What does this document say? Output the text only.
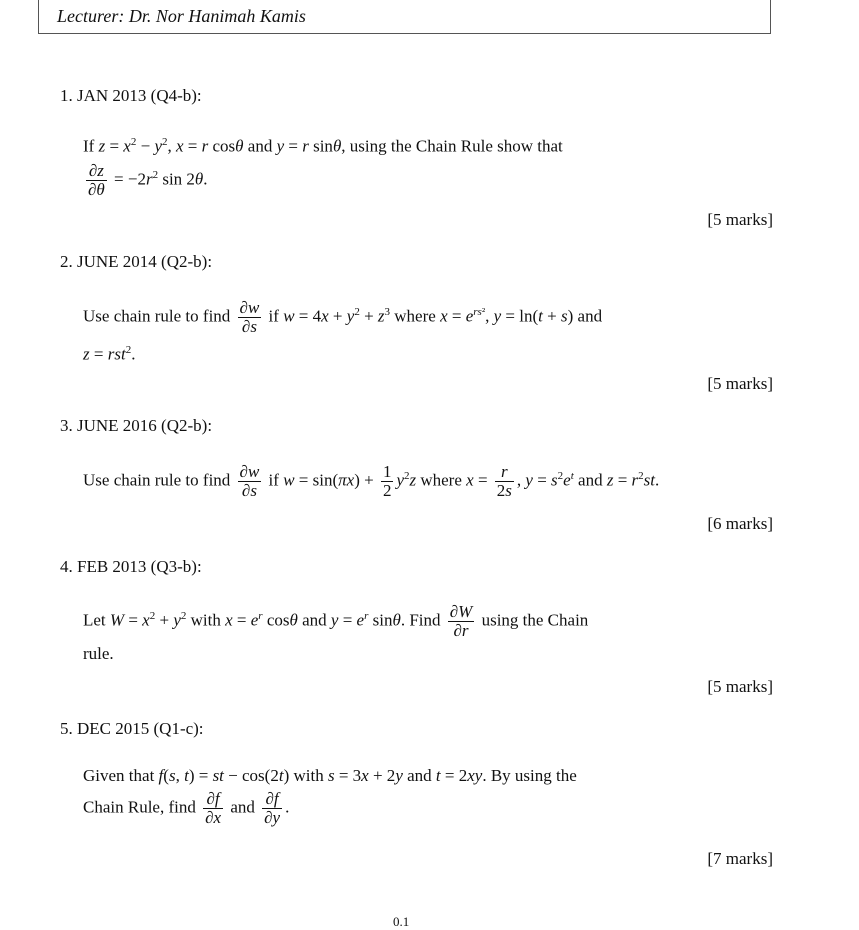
Lecturer: Dr. Nor Hanimah Kamis
1. JAN 2013 (Q4-b):
If $z = x^2 - y^2$, x = r cosθ and y = r sinθ, using the Chain Rule show that

$\frac{\partial z}{\partial\theta} = -2r^2$ sin 2θ.
[5 marks]
2. JUNE 2014 (Q2-b):
Use chain rule to find $\frac{\partial w}{\partial s}$ if $w = 4x + y^2 + z^3$ where $x = e^{rs^2}$, y = ln(t + s) and
z = rst$^2$.
[5 marks]
3. JUNE 2016 (Q2-b):
Use chain rule to find $\frac{\partial w}{\partial s}$ if $w = \sin(\pi x) + \frac{1}{2} y^2z$ where $x = \frac{r}{2s}$ , $y = s^2e^t$ and $z = r^2st$.
[6 marks]
4. FEB 2013 (Q3-b):
Let $W = x^2 + y^2$ with $x = e^r$ cosθ and $y = e^r$ sinθ. Find $\frac{\partial W}{\partial r}$ using the Chain
rule.
[5 marks]
5. DEC 2015 (Q1-c):
Given that f(s, t) = st − cos(2t) with s = 3x + 2y and t = 2xy. By using the
Chain Rule, find $\frac{\partial f}{\partial x}$ and $\frac{\partial f}{\partial y}$ .
[7 marks]
0.1
